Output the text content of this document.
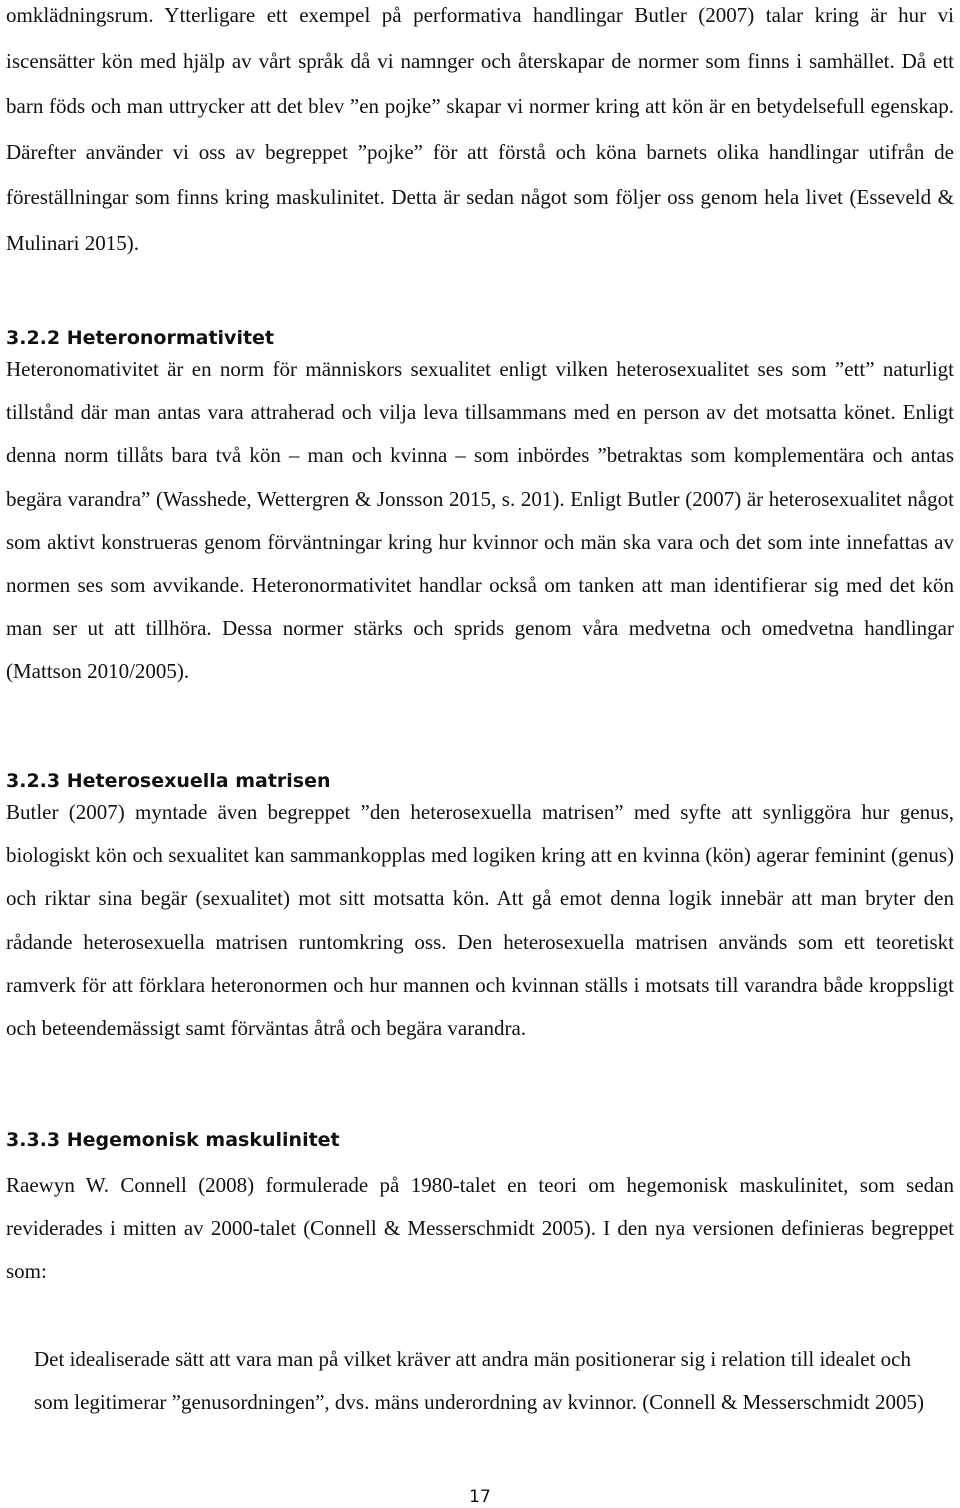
omklädningsrum. Ytterligare ett exempel på performativa handlingar Butler (2007) talar kring är hur vi iscensätter kön med hjälp av vårt språk då vi namnger och återskapar de normer som finns i samhället. Då ett barn föds och man uttrycker att det blev ”en pojke” skapar vi normer kring att kön är en betydelsefull egenskap. Därefter använder vi oss av begreppet ”pojke” för att förstå och köna barnets olika handlingar utifrån de föreställningar som finns kring maskulinitet. Detta är sedan något som följer oss genom hela livet (Esseveld & Mulinari 2015).

3.2.2 Heteronormativitet

Heteronomativitet är en norm för människors sexualitet enligt vilken heterosexualitet ses som ”ett” naturligt tillstånd där man antas vara attraherad och vilja leva tillsammans med en person av det motsatta könet. Enligt denna norm tillåts bara två kön – man och kvinna – som inbördes ”betraktas som komplementära och antas begära varandra” (Wasshede, Wettergren & Jonsson 2015, s. 201). Enligt Butler (2007) är heterosexualitet något som aktivt konstrueras genom förväntningar kring hur kvinnor och män ska vara och det som inte innefattas av normen ses som avvikande. Heteronormativitet handlar också om tanken att man identifierar sig med det kön man ser ut att tillhöra. Dessa normer stärks och sprids genom våra medvetna och omedvetna handlingar (Mattson 2010/2005).

3.2.3 Heterosexuella matrisen

Butler (2007) myntade även begreppet ”den heterosexuella matrisen” med syfte att synliggöra hur genus, biologiskt kön och sexualitet kan sammankopplas med logiken kring att en kvinna (kön) agerar feminint (genus) och riktar sina begär (sexualitet) mot sitt motsatta kön. Att gå emot denna logik innebär att man bryter den rådande heterosexuella matrisen runtomkring oss. Den heterosexuella matrisen används som ett teoretiskt ramverk för att förklara heteronormen och hur mannen och kvinnan ställs i motsats till varandra både kroppsligt och beteendemässigt samt förväntas åtrå och begära varandra.

3.3.3 Hegemonisk maskulinitet

Raewyn W. Connell (2008) formulerade på 1980-talet en teori om hegemonisk maskulinitet, som sedan reviderades i mitten av 2000-talet (Connell & Messerschmidt 2005). I den nya versionen definieras begreppet som:

Det idealiserade sätt att vara man på vilket kräver att andra män positionerar sig i relation till idealet och som legitimerar ”genusordningen”, dvs. mäns underordning av kvinnor. (Connell & Messerschmidt 2005)

17
